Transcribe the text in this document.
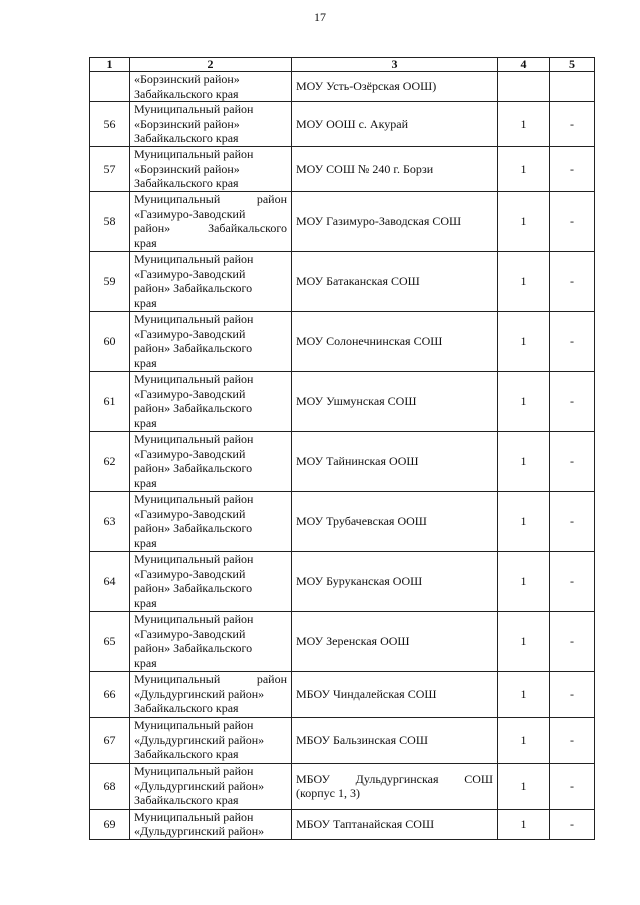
17
1	2	3	4	5

	«Борзинский район»
Забайкальского края	МОУ Усть-Озёрская ООШ)		

56	Муниципальный район
«Борзинский район»
Забайкальского края	МОУ ООШ с. Акурай	1	-
57	Муниципальный район
«Борзинский район»
Забайкальского края	МОУ СОШ № 240 г. Борзи	1	-
58	Муниципальный район
«Газимуро-Заводский
район» Забайкальского
края	МОУ Газимуро-Заводская СОШ	1	-
59	Муниципальный район
«Газимуро-Заводский
район» Забайкальского
края	МОУ Батаканская СОШ	1	-
60	Муниципальный район
«Газимуро-Заводский
район» Забайкальского
края	МОУ Солонечнинская СОШ	1	-
61	Муниципальный район
«Газимуро-Заводский
район» Забайкальского
края	МОУ Ушмунская СОШ	1	-
62	Муниципальный район
«Газимуро-Заводский
район» Забайкальского
края	МОУ Тайнинская ООШ	1	-
63	Муниципальный район
«Газимуро-Заводский
район» Забайкальского
края	МОУ Трубачевская ООШ	1	-
64	Муниципальный район
«Газимуро-Заводский
район» Забайкальского
края	МОУ Буруканская ООШ	1	-
65	Муниципальный район
«Газимуро-Заводский
район» Забайкальского
края	МОУ Зеренская ООШ	1	-
66	Муниципальный район
«Дульдургинский район»
Забайкальского края	МБОУ Чиндалейская СОШ	1	-
67	Муниципальный район
«Дульдургинский район»
Забайкальского края	МБОУ Бальзинская СОШ	1	-
68	Муниципальный район
«Дульдургинский район»
Забайкальского края	МБОУ Дульдургинская СОШ
(корпус 1, 3)	1	-
69	Муниципальный район
«Дульдургинский район»	МБОУ Таптанайская СОШ	1	-
